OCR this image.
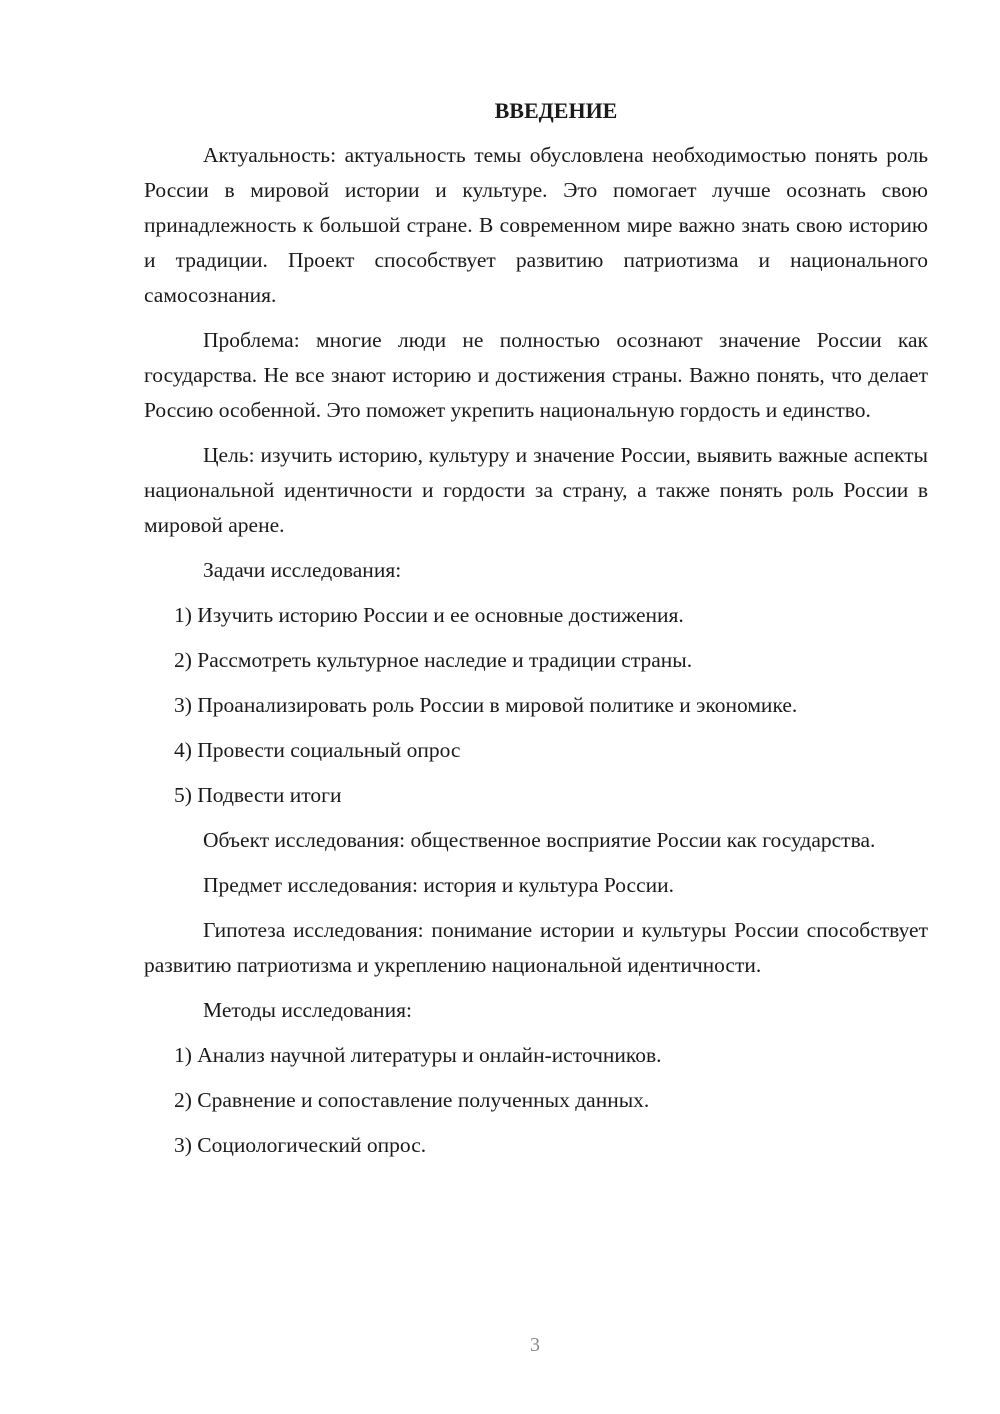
ВВЕДЕНИЕ

Актуальность: актуальность темы обусловлена необходимостью понять роль России в мировой истории и культуре. Это помогает лучше осознать свою принадлежность к большой стране. В современном мире важно знать свою историю и традиции. Проект способствует развитию патриотизма и национального самосознания.

Проблема: многие люди не полностью осознают значение России как государства. Не все знают историю и достижения страны. Важно понять, что делает Россию особенной. Это поможет укрепить национальную гордость и единство.

Цель: изучить историю, культуру и значение России, выявить важные аспекты национальной идентичности и гордости за страну, а также понять роль России в мировой арене.

Задачи исследования:

1) Изучить историю России и ее основные достижения.
2) Рассмотреть культурное наследие и традиции страны.
3) Проанализировать роль России в мировой политике и экономике.
4) Провести социальный опрос
5) Подвести итоги

Объект исследования: общественное восприятие России как государства.

Предмет исследования: история и культура России.

Гипотеза исследования: понимание истории и культуры России способствует развитию патриотизма и укреплению национальной идентичности.

Методы исследования:

1) Анализ научной литературы и онлайн-источников.
2) Сравнение и сопоставление полученных данных.
3) Социологический опрос.
3
